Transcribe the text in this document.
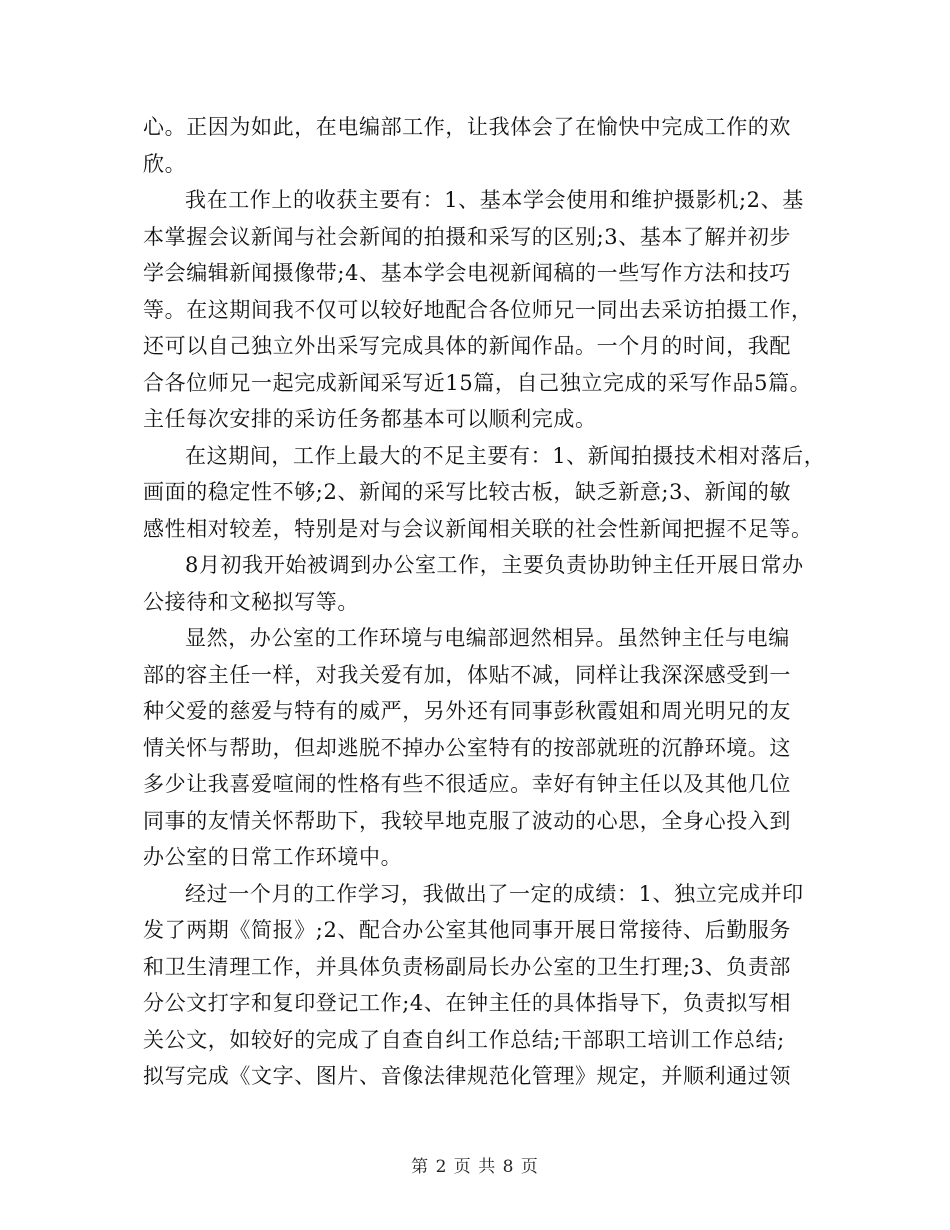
心。正因为如此，在电编部工作，让我体会了在愉快中完成工作的欢
欣。
我在工作上的收获主要有：1、基本学会使用和维护摄影机;2、基
本掌握会议新闻与社会新闻的拍摄和采写的区别;3、基本了解并初步
学会编辑新闻摄像带;4、基本学会电视新闻稿的一些写作方法和技巧
等。在这期间我不仅可以较好地配合各位师兄一同出去采访拍摄工作，
还可以自己独立外出采写完成具体的新闻作品。一个月的时间，我配
合各位师兄一起完成新闻采写近15篇，自己独立完成的采写作品5篇。
主任每次安排的采访任务都基本可以顺利完成。
在这期间，工作上最大的不足主要有：1、新闻拍摄技术相对落后，
画面的稳定性不够;2、新闻的采写比较古板，缺乏新意;3、新闻的敏
感性相对较差，特别是对与会议新闻相关联的社会性新闻把握不足等。
8月初我开始被调到办公室工作，主要负责协助钟主任开展日常办
公接待和文秘拟写等。
显然，办公室的工作环境与电编部迥然相异。虽然钟主任与电编
部的容主任一样，对我关爱有加，体贴不减，同样让我深深感受到一
种父爱的慈爱与特有的威严，另外还有同事彭秋霞姐和周光明兄的友
情关怀与帮助，但却逃脱不掉办公室特有的按部就班的沉静环境。这
多少让我喜爱喧闹的性格有些不很适应。幸好有钟主任以及其他几位
同事的友情关怀帮助下，我较早地克服了波动的心思，全身心投入到
办公室的日常工作环境中。
经过一个月的工作学习，我做出了一定的成绩：1、独立完成并印
发了两期《简报》;2、配合办公室其他同事开展日常接待、后勤服务
和卫生清理工作，并具体负责杨副局长办公室的卫生打理;3、负责部
分公文打字和复印登记工作;4、在钟主任的具体指导下，负责拟写相
关公文，如较好的完成了自查自纠工作总结;干部职工培训工作总结;
拟写完成《文字、图片、音像法律规范化管理》规定，并顺利通过领
第 2 页 共 8 页
